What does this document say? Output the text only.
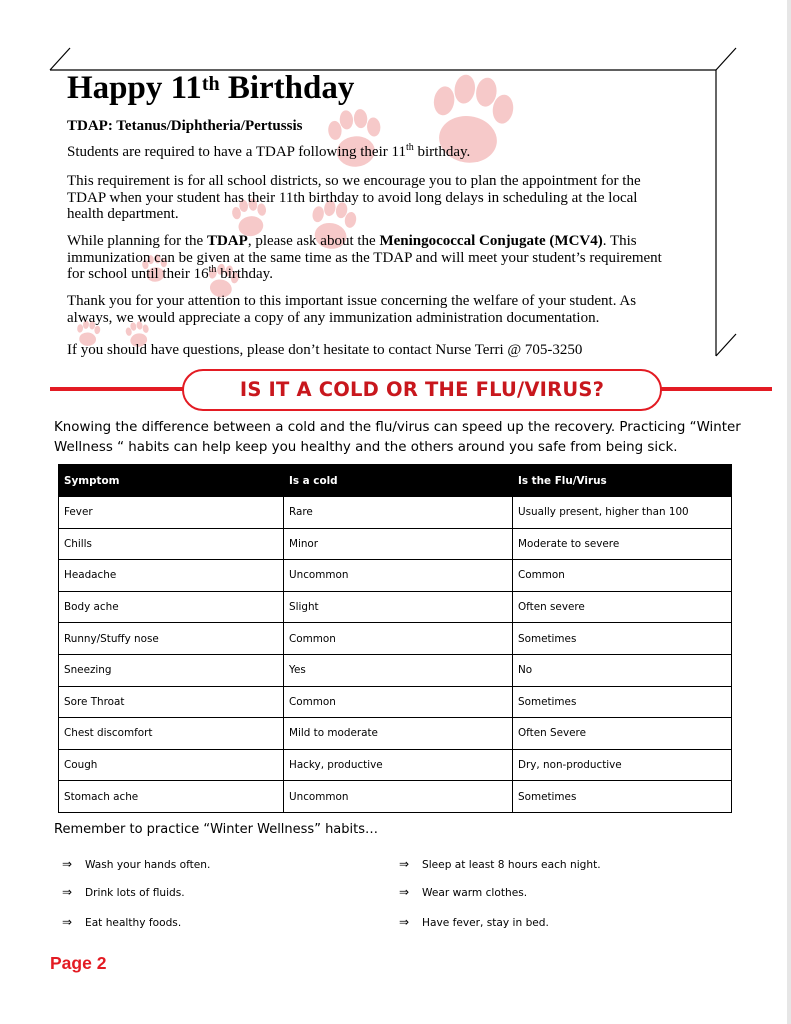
Happy 11th Birthday
TDAP: Tetanus/Diphtheria/Pertussis
Students are required to have a TDAP following their 11th birthday.
This requirement is for all school districts, so we encourage you to plan the appointment for the TDAP when your student has their 11th birthday to avoid long delays in scheduling at the local health department.
While planning for the TDAP, please ask about the Meningococcal Conjugate (MCV4). This immunization can be given at the same time as the TDAP and will meet your student’s requirement for school until their 16th birthday.
Thank you for your attention to this important issue concerning the welfare of your student. As always, we would appreciate a copy of any immunization administration documentation.
If you should have questions, please don’t hesitate to contact Nurse Terri @ 705-3250
IS IT A COLD OR THE FLU/VIRUS?
Knowing the difference between a cold and the flu/virus can speed up the recovery. Practicing “Winter Wellness “ habits can help keep you healthy and the others around you safe from being sick.
Symptom	Is a cold	Is the Flu/Virus
Fever	Rare	Usually present, higher than 100
Chills	Minor	Moderate to severe
Headache	Uncommon	Common
Body ache	Slight	Often severe
Runny/Stuffy nose	Common	Sometimes
Sneezing	Yes	No
Sore Throat	Common	Sometimes
Chest discomfort	Mild to moderate	Often Severe
Cough	Hacky, productive	Dry, non-productive
Stomach ache	Uncommon	Sometimes
Remember to practice “Winter Wellness” habits…
⇒ Wash your hands often.
⇒ Drink lots of fluids.
⇒ Eat healthy foods.
⇒ Sleep at least 8 hours each night.
⇒ Wear warm clothes.
⇒ Have fever, stay in bed.
Page 2
